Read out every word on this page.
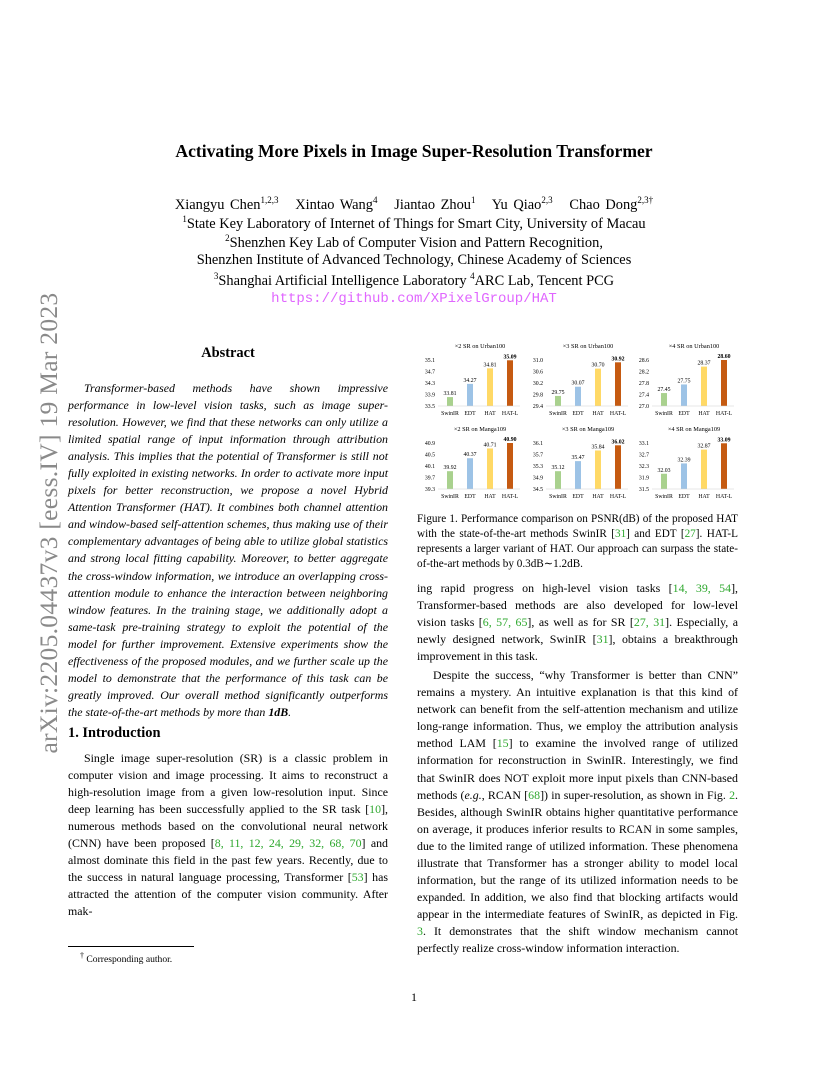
arXiv:2205.04437v3 [eess.IV] 19 Mar 2023
Activating More Pixels in Image Super-Resolution Transformer
Xiangyu Chen$^{1,2,3}$ Xintao Wang$^4$ Jiantao Zhou$^1$ Yu Qiao$^{2,3}$ Chao Dong$^{2,3\dagger}$
$^1$State Key Laboratory of Internet of Things for Smart City, University of Macau
$^2$Shenzhen Key Lab of Computer Vision and Pattern Recognition,
Shenzhen Institute of Advanced Technology, Chinese Academy of Sciences
$^3$Shanghai Artificial Intelligence Laboratory $^4$ARC Lab, Tencent PCG
https://github.com/XPixelGroup/HAT
Abstract
Transformer-based methods have shown impressive performance in low-level vision tasks, such as image super-resolution. However, we find that these networks can only utilize a limited spatial range of input information through attribution analysis. This implies that the potential of Transformer is still not fully exploited in existing networks. In order to activate more input pixels for better reconstruction, we propose a novel Hybrid Attention Transformer (HAT). It combines both channel attention and window-based self-attention schemes, thus making use of their complementary advantages of being able to utilize global statistics and strong local fitting capability. Moreover, to better aggregate the cross-window information, we introduce an overlapping cross-attention module to enhance the interaction between neighboring window features. In the training stage, we additionally adopt a same-task pre-training strategy to exploit the potential of the model for further improvement. Extensive experiments show the effectiveness of the proposed modules, and we further scale up the model to demonstrate that the performance of this task can be greatly improved. Our overall method significantly outperforms the state-of-the-art methods by more than 1dB.
1. Introduction
Single image super-resolution (SR) is a classic problem in computer vision and image processing. It aims to reconstruct a high-resolution image from a given low-resolution input. Since deep learning has been successfully applied to the SR task [10], numerous methods based on the convolutional neural network (CNN) have been proposed [8, 11, 12, 24, 29, 32, 68, 70] and almost dominate this field in the past few years. Recently, due to the success in natural language processing, Transformer [53] has attracted the attention of the computer vision community. After mak-
† Corresponding author.
×2 SR on Urban100
33.5
33.9
34.3
34.7
35.1
33.81
SwinIR
34.27
EDT
34.81
HAT
35.09
HAT-L
×3 SR on Urban100
29.4
29.8
30.2
30.6
31.0
29.75
SwinIR
30.07
EDT
30.70
HAT
30.92
HAT-L
×4 SR on Urban100
27.0
27.4
27.8
28.2
28.6
27.45
SwinIR
27.75
EDT
28.37
HAT
28.60
HAT-L
×2 SR on Manga109
39.3
39.7
40.1
40.5
40.9
39.92
SwinIR
40.37
EDT
40.71
HAT
40.90
HAT-L
×3 SR on Manga109
34.5
34.9
35.3
35.7
36.1
35.12
SwinIR
35.47
EDT
35.84
HAT
36.02
HAT-L
×4 SR on Manga109
31.5
31.9
32.3
32.7
33.1
32.03
SwinIR
32.39
EDT
32.87
HAT
33.09
HAT-L
Figure 1. Performance comparison on PSNR(dB) of the proposed HAT with the state-of-the-art methods SwinIR [31] and EDT [27]. HAT-L represents a larger variant of HAT. Our approach can surpass the state-of-the-art methods by 0.3dB∼1.2dB.

ing rapid progress on high-level vision tasks [14, 39, 54], Transformer-based methods are also developed for low-level vision tasks [6, 57, 65], as well as for SR [27, 31]. Especially, a newly designed network, SwinIR [31], obtains a breakthrough improvement in this task.

Despite the success, “why Transformer is better than CNN” remains a mystery. An intuitive explanation is that this kind of network can benefit from the self-attention mechanism and utilize long-range information. Thus, we employ the attribution analysis method LAM [15] to examine the involved range of utilized information for reconstruction in SwinIR. Interestingly, we find that SwinIR does NOT exploit more input pixels than CNN-based methods (e.g., RCAN [68]) in super-resolution, as shown in Fig. 2. Besides, although SwinIR obtains higher quantitative performance on average, it produces inferior results to RCAN in some samples, due to the limited range of utilized information. These phenomena illustrate that Transformer has a stronger ability to model local information, but the range of its utilized information needs to be expanded. In addition, we also find that blocking artifacts would appear in the intermediate features of SwinIR, as depicted in Fig. 3. It demonstrates that the shift window mechanism cannot perfectly realize cross-window information interaction.

1
